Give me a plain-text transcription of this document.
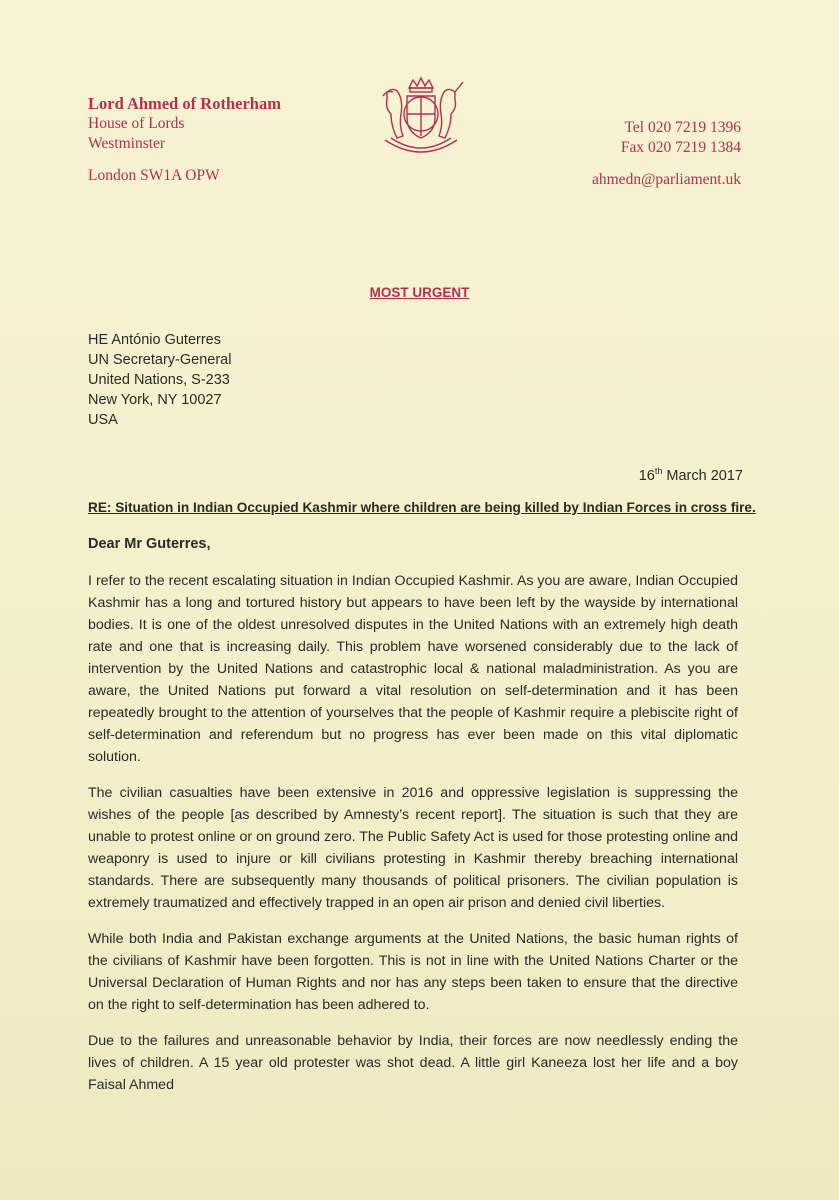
Lord Ahmed of Rotherham
House of Lords
Westminster
London SW1A OPW
Tel 020 7219 1396
Fax 020 7219 1384
ahmedn@parliament.uk
MOST URGENT
HE António Guterres
UN Secretary-General
United Nations, S-233
New York, NY 10027
USA
16th March 2017
RE: Situation in Indian Occupied Kashmir where children are being killed by Indian Forces in cross fire.
Dear Mr Guterres,

I refer to the recent escalating situation in Indian Occupied Kashmir. As you are aware, Indian Occupied Kashmir has a long and tortured history but appears to have been left by the wayside by international bodies. It is one of the oldest unresolved disputes in the United Nations with an extremely high death rate and one that is increasing daily. This problem have worsened considerably due to the lack of intervention by the United Nations and catastrophic local & national maladministration. As you are aware, the United Nations put forward a vital resolution on self-determination and it has been repeatedly brought to the attention of yourselves that the people of Kashmir require a plebiscite right of self-determination and referendum but no progress has ever been made on this vital diplomatic solution.

The civilian casualties have been extensive in 2016 and oppressive legislation is suppressing the wishes of the people [as described by Amnesty’s recent report]. The situation is such that they are unable to protest online or on ground zero. The Public Safety Act is used for those protesting online and weaponry is used to injure or kill civilians protesting in Kashmir thereby breaching international standards. There are subsequently many thousands of political prisoners. The civilian population is extremely traumatized and effectively trapped in an open air prison and denied civil liberties.

While both India and Pakistan exchange arguments at the United Nations, the basic human rights of the civilians of Kashmir have been forgotten. This is not in line with the United Nations Charter or the Universal Declaration of Human Rights and nor has any steps been taken to ensure that the directive on the right to self-determination has been adhered to.

Due to the failures and unreasonable behavior by India, their forces are now needlessly ending the lives of children. A 15 year old protester was shot dead. A little girl Kaneeza lost her life and a boy Faisal Ahmed
